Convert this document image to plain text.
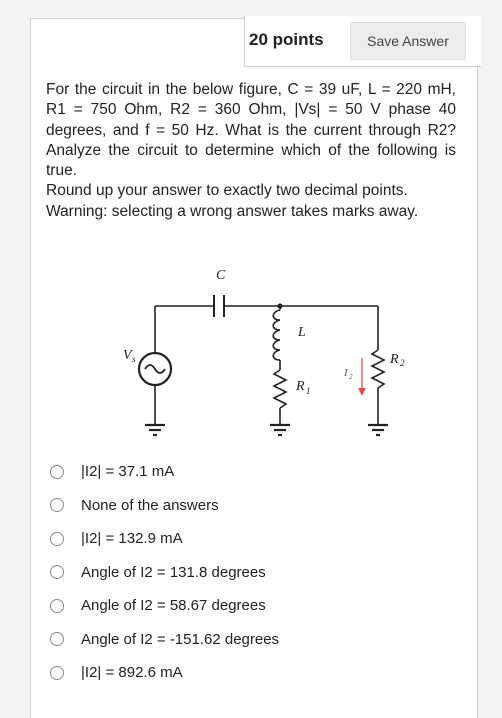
20 points	Save Answer

For the circuit in the below figure, C = 39 uF, L = 220 mH, R1 = 750 Ohm, R2 = 360 Ohm, |Vs| = 50 V phase 40 degrees, and f = 50 Hz. What is the current through R2? Analyze the circuit to determine which of the following is true.

Round up your answer to exactly two decimal points.

Warning: selecting a wrong answer takes marks away.

C
V s
L
R 1
I 2
R 2
|I2| = 37.1 mA
None of the answers
|I2| = 132.9 mA
Angle of I2 = 131.8 degrees
Angle of I2 = 58.67 degrees
Angle of I2 = -151.62 degrees
|I2| = 892.6 mA
